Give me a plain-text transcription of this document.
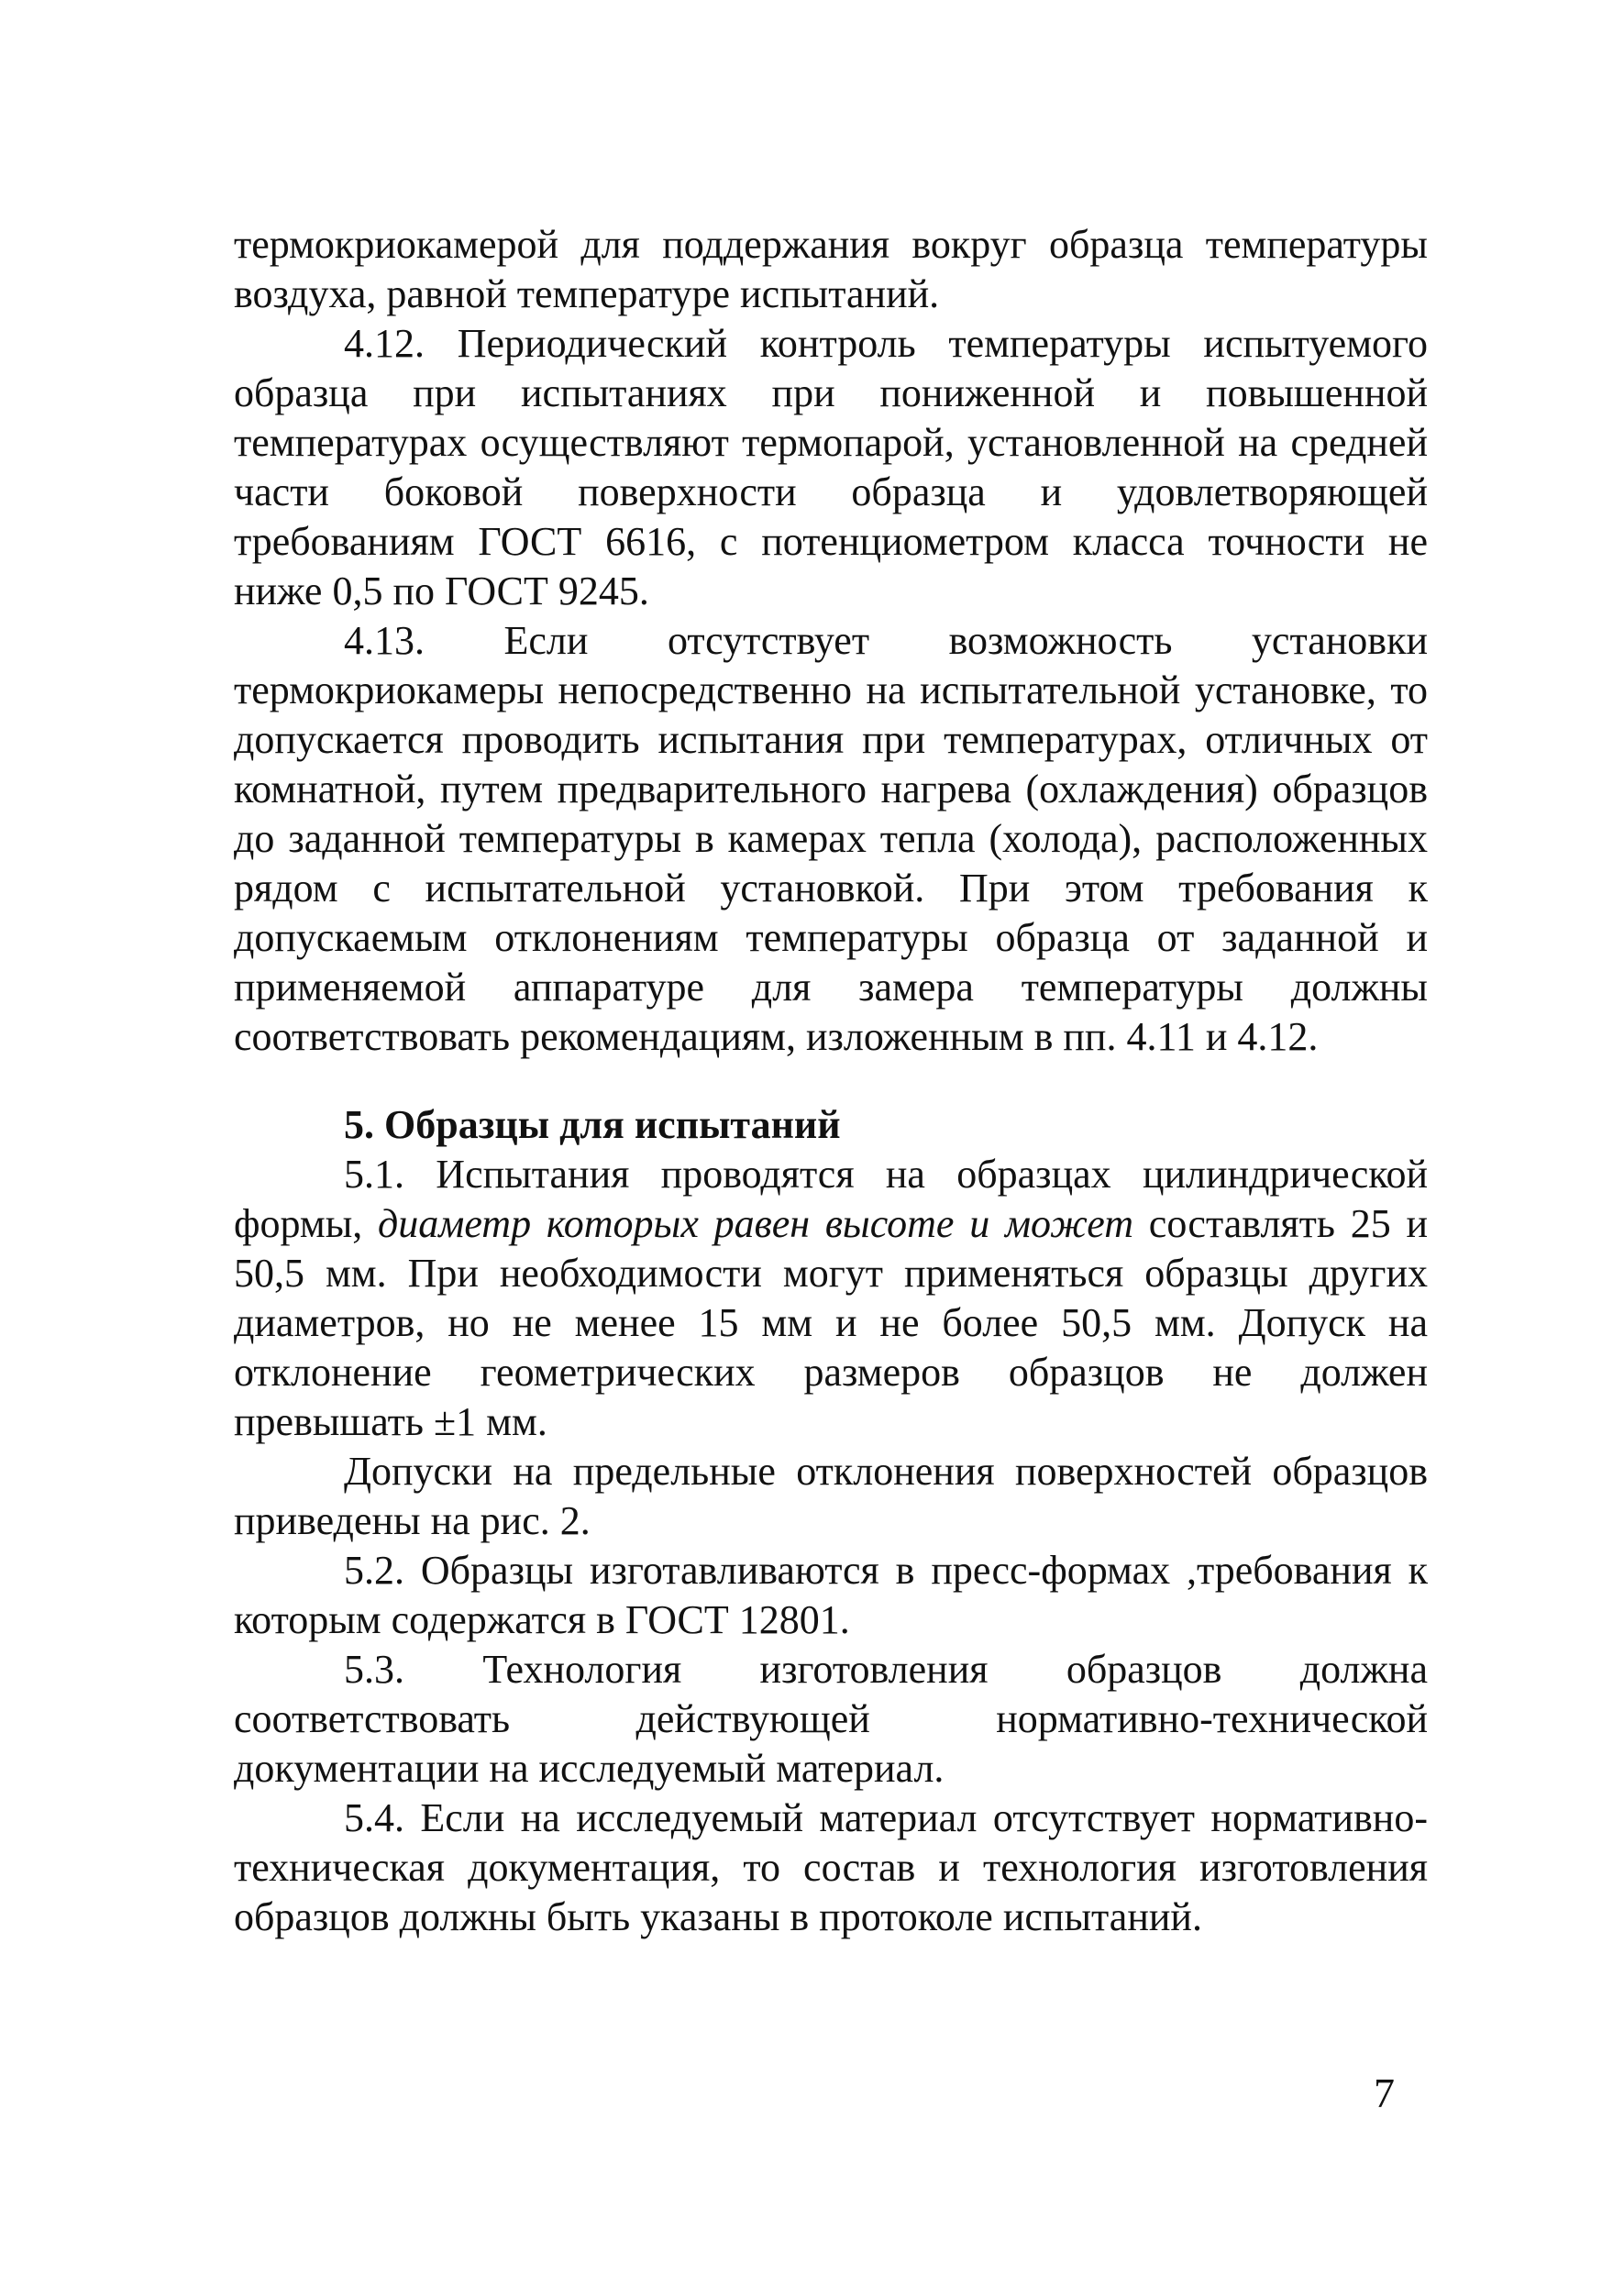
термокриокамерой для поддержания вокруг образца температуры воздуха, равной температуре испытаний.

4.12. Периодический контроль температуры испытуемого образца при испытаниях при пониженной и повышенной температурах осуществляют термопарой, установленной на средней части боковой поверхности образца и удовлетворяющей требованиям ГОСТ 6616, с потенциометром класса точности не ниже 0,5 по ГОСТ 9245.

4.13. Если отсутствует возможность установки термокриокамеры непосредственно на испытательной установке, то допускается проводить испытания при температурах, отличных от комнатной, путем предварительного нагрева (охлаждения) образцов до заданной температуры в камерах тепла (холода), расположенных рядом с испытательной установкой. При этом требования к допускаемым отклонениям температуры образца от заданной и применяемой аппаратуре для замера температуры должны соответствовать рекомендациям, изложенным в пп. 4.11 и 4.12.

5. Образцы для испытаний

5.1. Испытания проводятся на образцах цилиндрической формы, диаметр которых равен высоте и может составлять 25 и 50,5 мм. При необходимости могут применяться образцы других диаметров, но не менее 15 мм и не более 50,5 мм. Допуск на отклонение геометрических размеров образцов не должен превышать ±1 мм.

Допуски на предельные отклонения поверхностей образцов приведены на рис. 2.

5.2. Образцы изготавливаются в пресс-формах ,требования к которым содержатся в ГОСТ 12801.

5.3. Технология изготовления образцов должна соответствовать действующей нормативно-технической документации на исследуемый материал.

5.4. Если на исследуемый материал отсутствует нормативно-техническая документация, то состав и технология изготовления образцов должны быть указаны в протоколе испытаний.

7
